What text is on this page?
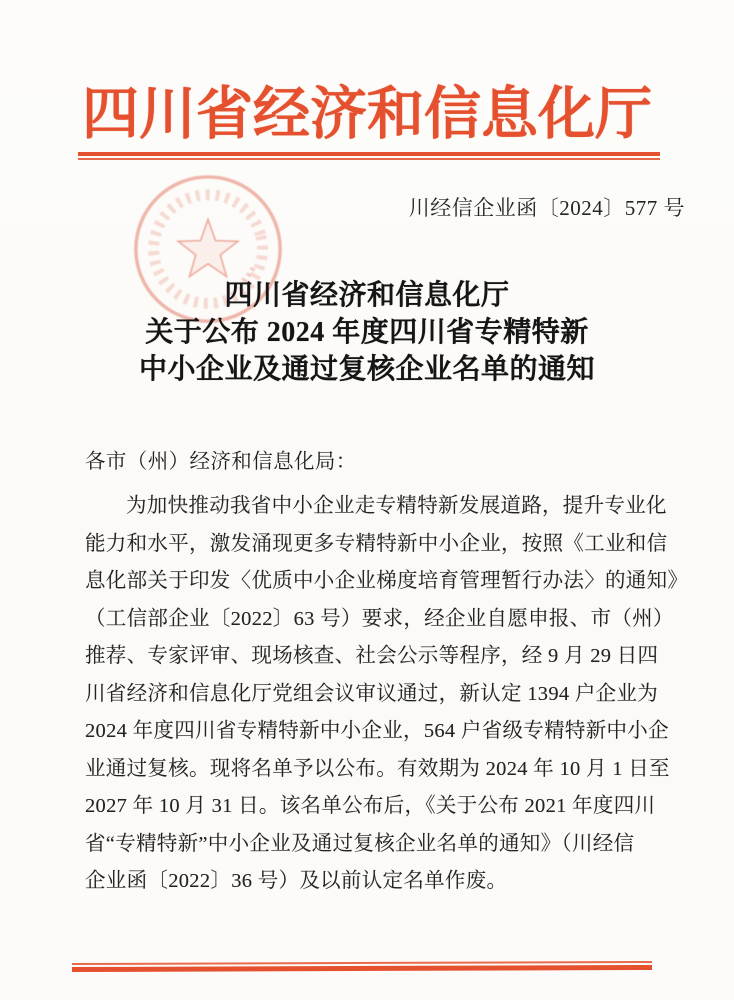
四川省经济和信息化厅
川经信企业函〔2024〕577 号
四川省经济和信息化厅
关于公布 2024 年度四川省专精特新
中小企业及通过复核企业名单的通知
各市（州）经济和信息化局：
为加快推动我省中小企业走专精特新发展道路，提升专业化
能力和水平，激发涌现更多专精特新中小企业，按照《工业和信
息化部关于印发〈优质中小企业梯度培育管理暂行办法〉的通知》
（工信部企业〔2022〕63 号）要求，经企业自愿申报、市（州）
推荐、专家评审、现场核查、社会公示等程序，经 9 月 29 日四
川省经济和信息化厅党组会议审议通过，新认定 1394 户企业为
2024 年度四川省专精特新中小企业，564 户省级专精特新中小企
业通过复核。现将名单予以公布。有效期为 2024 年 10 月 1 日至
2027 年 10 月 31 日。该名单公布后，《关于公布 2021 年度四川
省“专精特新”中小企业及通过复核企业名单的通知》（川经信
企业函〔2022〕36 号）及以前认定名单作废。
